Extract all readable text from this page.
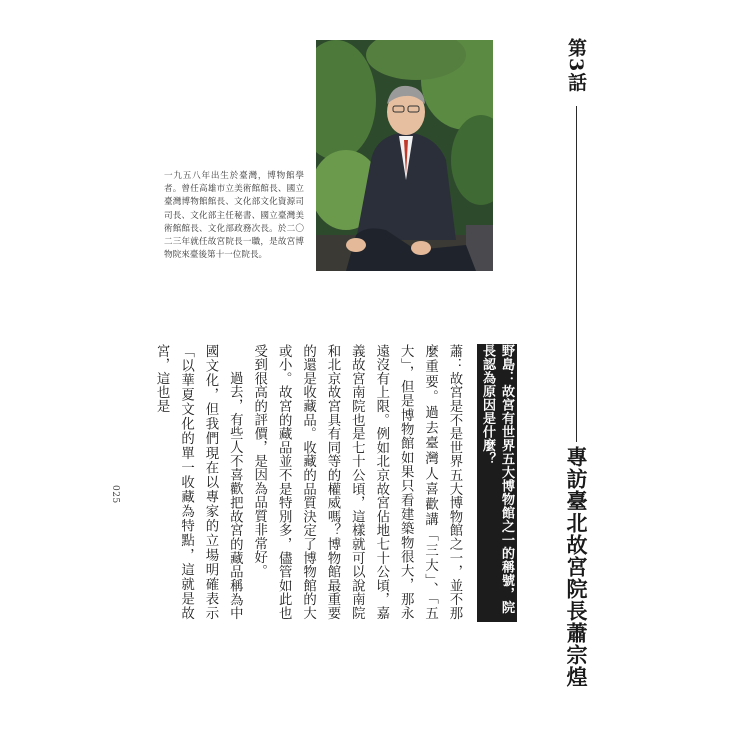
第3話
專訪臺北故宮院長蕭宗煌
一九五八年出生於臺灣，博物館學者。曾任高雄市立美術館館長、國立臺灣博物館館長、文化部文化資源司司長、文化部主任秘書、國立臺灣美術館館長、文化部政務次長。於二〇二三年就任故宮院長一職，是故宮博物院來臺後第十一位院長。
野島：故宮有世界五大博物館之一的稱號，院長認為原因是什麼？

蕭：故宮是不是世界五大博物館之一，並不那麼重要。過去臺灣人喜歡講「三大」、「五大」，但是博物館如果只看建築物很大，那永遠沒有上限。例如北京故宮佔地七十公頃，嘉義故宮南院也是七十公頃，這樣就可以說南院和北京故宮具有同等的權威嗎？博物館最重要的還是收藏品。收藏的品質決定了博物館的大或小。故宮的藏品並不是特別多，儘管如此也受到很高的評價，是因為品質非常好。

過去，有些人不喜歡把故宮的藏品稱為中國文化，但我們現在以專家的立場明確表示「以華夏文化的單一收藏為特點，這就是故宮，這也是

025
